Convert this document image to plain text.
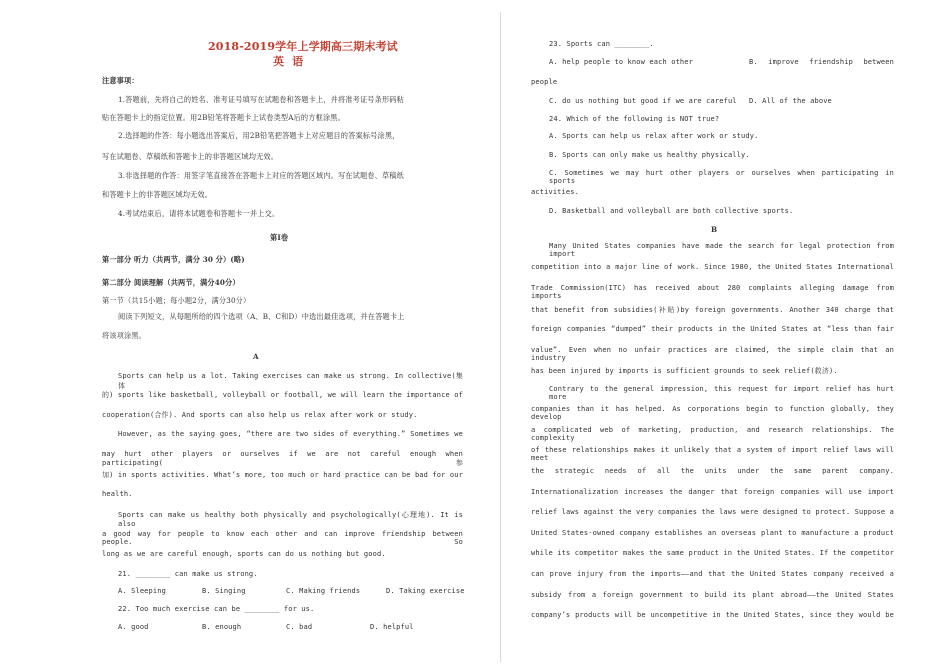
2018-2019学年上学期高三期末考试
英  语
注意事项：
1.答题前，先将自己的姓名、准考证号填写在试题卷和答题卡上，并将准考证号条形码粘
贴在答题卡上的指定位置。用2B铅笔将答题卡上试卷类型A后的方框涂黑。
2.选择题的作答：每小题选出答案后，用2B铅笔把答题卡上对应题目的答案标号涂黑，
写在试题卷、草稿纸和答题卡上的非答题区域均无效。
3.非选择题的作答：用签字笔直接答在答题卡上对应的答题区域内。写在试题卷、草稿纸
和答题卡上的非答题区域均无效。
4.考试结束后，请将本试题卷和答题卡一并上交。
第Ⅰ卷
第一部分 听力（共两节，满分 30 分）(略)
第二部分 阅读理解（共两节，满分40分）
第一节（共15小题；每小题2分，满分30分）
阅读下列短文，从每题所给的四个选项（A、B、C和D）中选出最佳选项，并在答题卡上
将该项涂黑。
A
Sports can help us a lot. Taking exercises can make us strong. In collective(集体
的) sports like basketball, volleyball or football, we will learn the importance of
cooperation(合作). And sports can also help us relax after work or study.
However, as the saying goes, “there are two sides of everything.” Sometimes we
may hurt other players or ourselves if we are not careful enough when participating(参
加) in sports activities. What’s more, too much or hard practice can be bad for our
health.
Sports can make us healthy both physically and psychologically(心理地). It is also
a good way for people to know each other and can improve friendship between people. So
long as we are careful enough, sports can do us nothing but good.
21. ________ can make us strong.
A. Sleeping	B. Singing	C. Making friends	D. Taking exercise
22. Too much exercise can be ________ for us.
A. good	B. enough	C. bad	D. helpful
23. Sports can ________.
A. help people to know each other	B. improve friendship between
people
C. do us nothing but good if we are careful D. All of the above
24. Which of the following is NOT true?
A. Sports can help us relax after work or study.
B. Sports can only make us healthy physically.
C. Sometimes we may hurt other players or ourselves when participating in sports
activities.
D. Basketball and volleyball are both collective sports.
B
Many United States companies have made the search for legal protection from import
competition into a major line of work. Since 1980, the United States International
Trade Commission(ITC) has received about 280 complaints alleging damage from imports
that benefit from subsidies(补贴)by foreign governments. Another 340 charge that
foreign companies “dumped” their products in the United States at “less than fair
value”. Even when no unfair practices are claimed, the simple claim that an industry
has been injured by imports is sufficient grounds to seek relief(救济).
Contrary to the general impression, this request for import relief has hurt more
companies than it has helped. As corporations begin to function globally, they develop
a complicated web of marketing, production, and research relationships. The complexity
of these relationships makes it unlikely that a system of import relief laws will meet
the strategic needs of all the units under the same parent company.
Internationalization increases the danger that foreign companies will use import
relief laws against the very companies the laws were designed to protect. Suppose a
United States-owned company establishes an overseas plant to manufacture a product
while its competitor makes the same product in the United States. If the competitor
can prove injury from the imports——and that the United States company received a
subsidy from a foreign government to build its plant abroad——the United States
company’s products will be uncompetitive in the United States, since they would be
